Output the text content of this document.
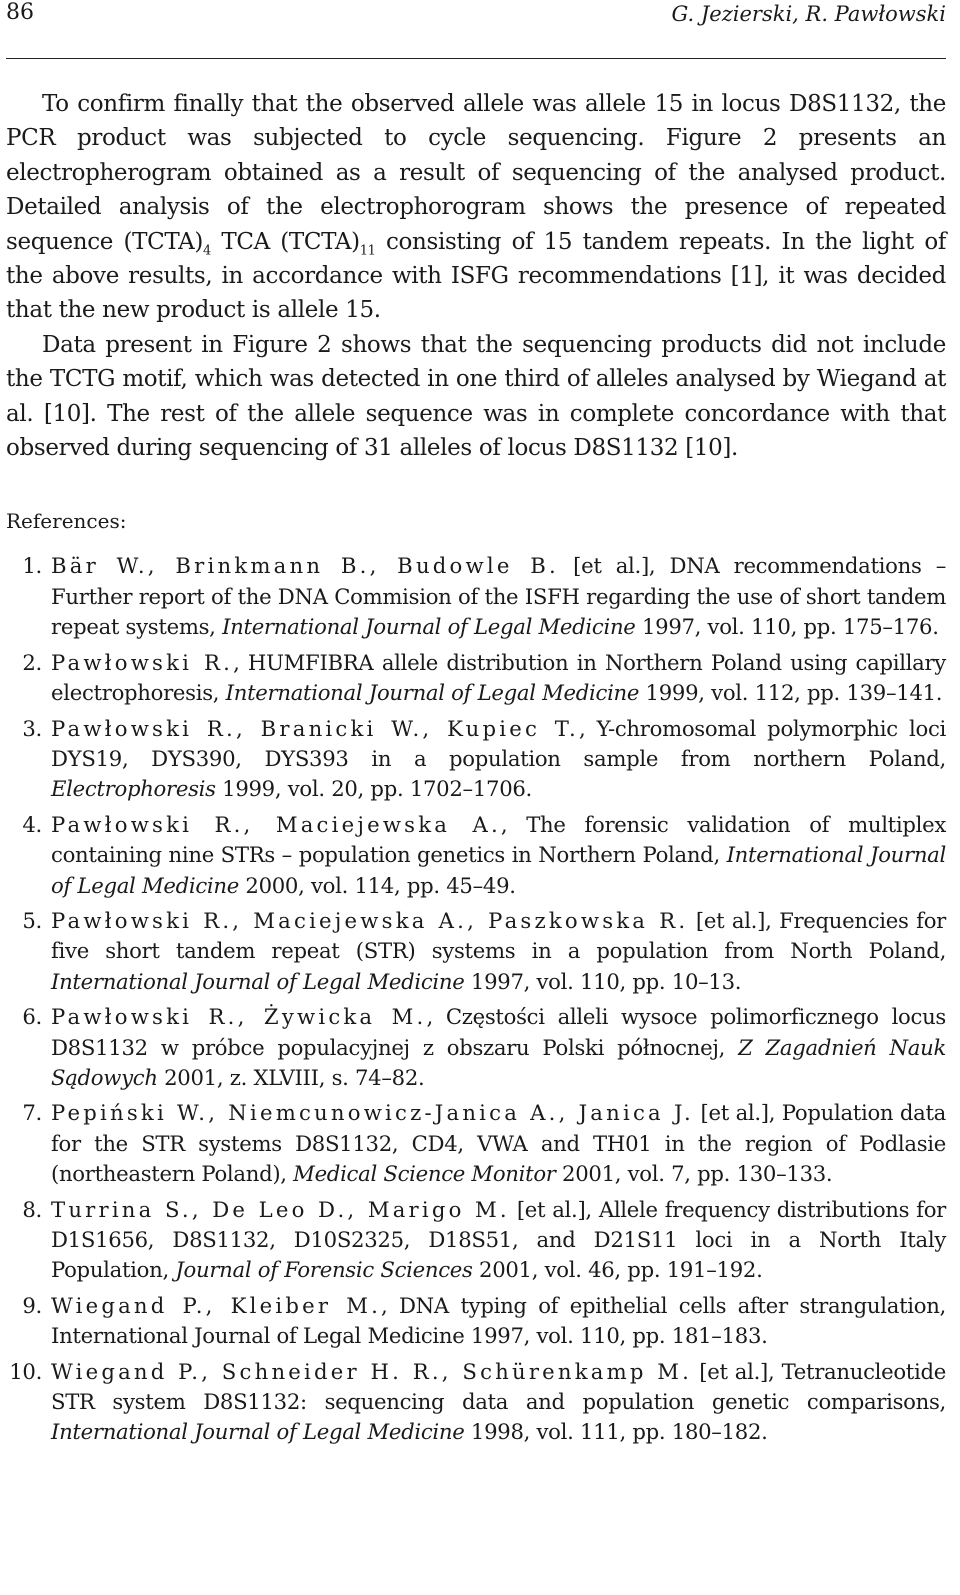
86	G. Jezierski, R. Pawłowski

To confirm finally that the observed allele was allele 15 in locus D8S1132, the PCR product was subjected to cycle sequencing. Figure 2 presents an electropherogram obtained as a result of sequencing of the analysed product. Detailed analysis of the electrophorogram shows the presence of repeated sequence $(TCTA)_4$ TCA $(TCTA)_{11}$ consisting of 15 tandem repeats. In the light of the above results, in accordance with ISFG recommendations [1], it was decided that the new product is allele 15.

Data present in Figure 2 shows that the sequencing products did not include the TCTG motif, which was detected in one third of alleles analysed by Wiegand at al. [10]. The rest of the allele sequence was in complete concordance with that observed during sequencing of 31 alleles of locus D8S1132 [10].

References:
1. Bär W., Brinkmann B., Budowle B. [et al.], DNA recommendations – Further report of the DNA Commision of the ISFH regarding the use of short tandem repeat systems, International Journal of Legal Medicine 1997, vol. 110, pp. 175–176.
2. Pawłowski R., HUMFIBRA allele distribution in Northern Poland using capillary electrophoresis, International Journal of Legal Medicine 1999, vol. 112, pp. 139–141.
3. Pawłowski R., Branicki W., Kupiec T., Y-chromosomal polymorphic loci DYS19, DYS390, DYS393 in a population sample from northern Poland, Electrophoresis 1999, vol. 20, pp. 1702–1706.
4. Pawłowski R., Maciejewska A., The forensic validation of multiplex containing nine STRs – population genetics in Northern Poland, International Journal of Legal Medicine 2000, vol. 114, pp. 45–49.
5. Pawłowski R., Maciejewska A., Paszkowska R. [et al.], Frequencies for five short tandem repeat (STR) systems in a population from North Poland, International Journal of Legal Medicine 1997, vol. 110, pp. 10–13.
6. Pawłowski R., Żywicka M., Częstości alleli wysoce polimorficznego locus D8S1132 w próbce populacyjnej z obszaru Polski północnej, Z Zagadnień Nauk Sądowych 2001, z. XLVIII, s. 74–82.
7. Pepiński W., Niemcunowicz-Janica A., Janica J. [et al.], Population data for the STR systems D8S1132, CD4, VWA and TH01 in the region of Podlasie (northeastern Poland), Medical Science Monitor 2001, vol. 7, pp. 130–133.
8. Turrina S., De Leo D., Marigo M. [et al.], Allele frequency distributions for D1S1656, D8S1132, D10S2325, D18S51, and D21S11 loci in a North Italy Population, Journal of Forensic Sciences 2001, vol. 46, pp. 191–192.
9. Wiegand P., Kleiber M., DNA typing of epithelial cells after strangulation, International Journal of Legal Medicine 1997, vol. 110, pp. 181–183.
10. Wiegand P., Schneider H. R., Schürenkamp M. [et al.], Tetranucleotide STR system D8S1132: sequencing data and population genetic comparisons, International Journal of Legal Medicine 1998, vol. 111, pp. 180–182.
